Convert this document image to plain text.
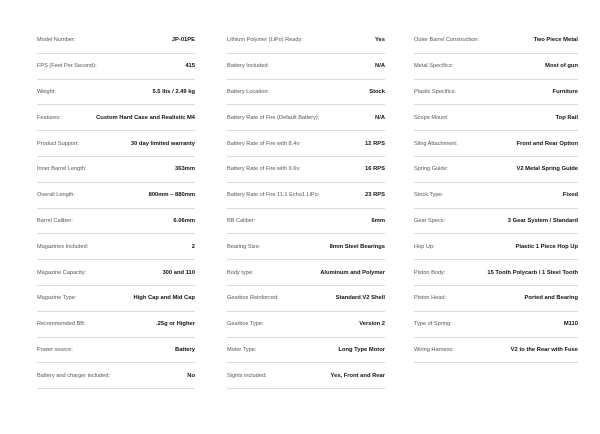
Model Number:	JP-01PE
FPS (Feet Per Second):	415
Weight:	5.5 lbs / 2.49 kg
Features:	Custom Hard Case and Realistic M4
Product Support:	30 day limited warranty
Inner Barrel Length:	363mm
Overall Length:	800mm – 880mm
Barrel Caliber:	6.06mm
Magazines Included:	2
Magazine Capacity:	300 and 110
Magazine Type:	High Cap and Mid Cap
Recommended BB:	.25g or Higher
Power source:	Battery
Battery and charger included:	No
Lithium Polymer (LiPo) Ready:	Yes
Battery Included:	N/A
Battery Location:	Stock
Battery Rate of Fire (Default Battery):	N/A
Battery Rate of Fire with 8.4v:	12 RPS
Battery Rate of Fire with 9.6v:	16 RPS
Battery Rate of Fire 11.1 Echo1 LiPo:	23 RPS
BB Caliber:	6mm
Bearing Size:	8mm Steel Bearings
Body type:	Aluminum and Polymer
Gearbox Reinforced:	Standard V2 Shell
Gearbox Type:	Version 2
Motor Type:	Long Type Motor
Sights included:	Yes, Front and Rear
Outer Barrel Construction:	Two Piece Metal
Metal Specifics:	Most of gun
Plastic Specifics:	Furniture
Scope Mount:	Top Rail
Sling Attachment:	Front and Rear Option
Spring Guide:	V2 Metal Spring Guide
Stock Type:	Fixed
Gear Specs:	3 Gear System / Standard
Hop Up:	Plastic 1 Piece Hop Up
Piston Body:	15 Tooth Polycarb / 1 Steel Tooth
Piston Head:	Ported and Bearing
Type of Spring:	M110
Wiring Harness:	V2 to the Rear with Fuse
